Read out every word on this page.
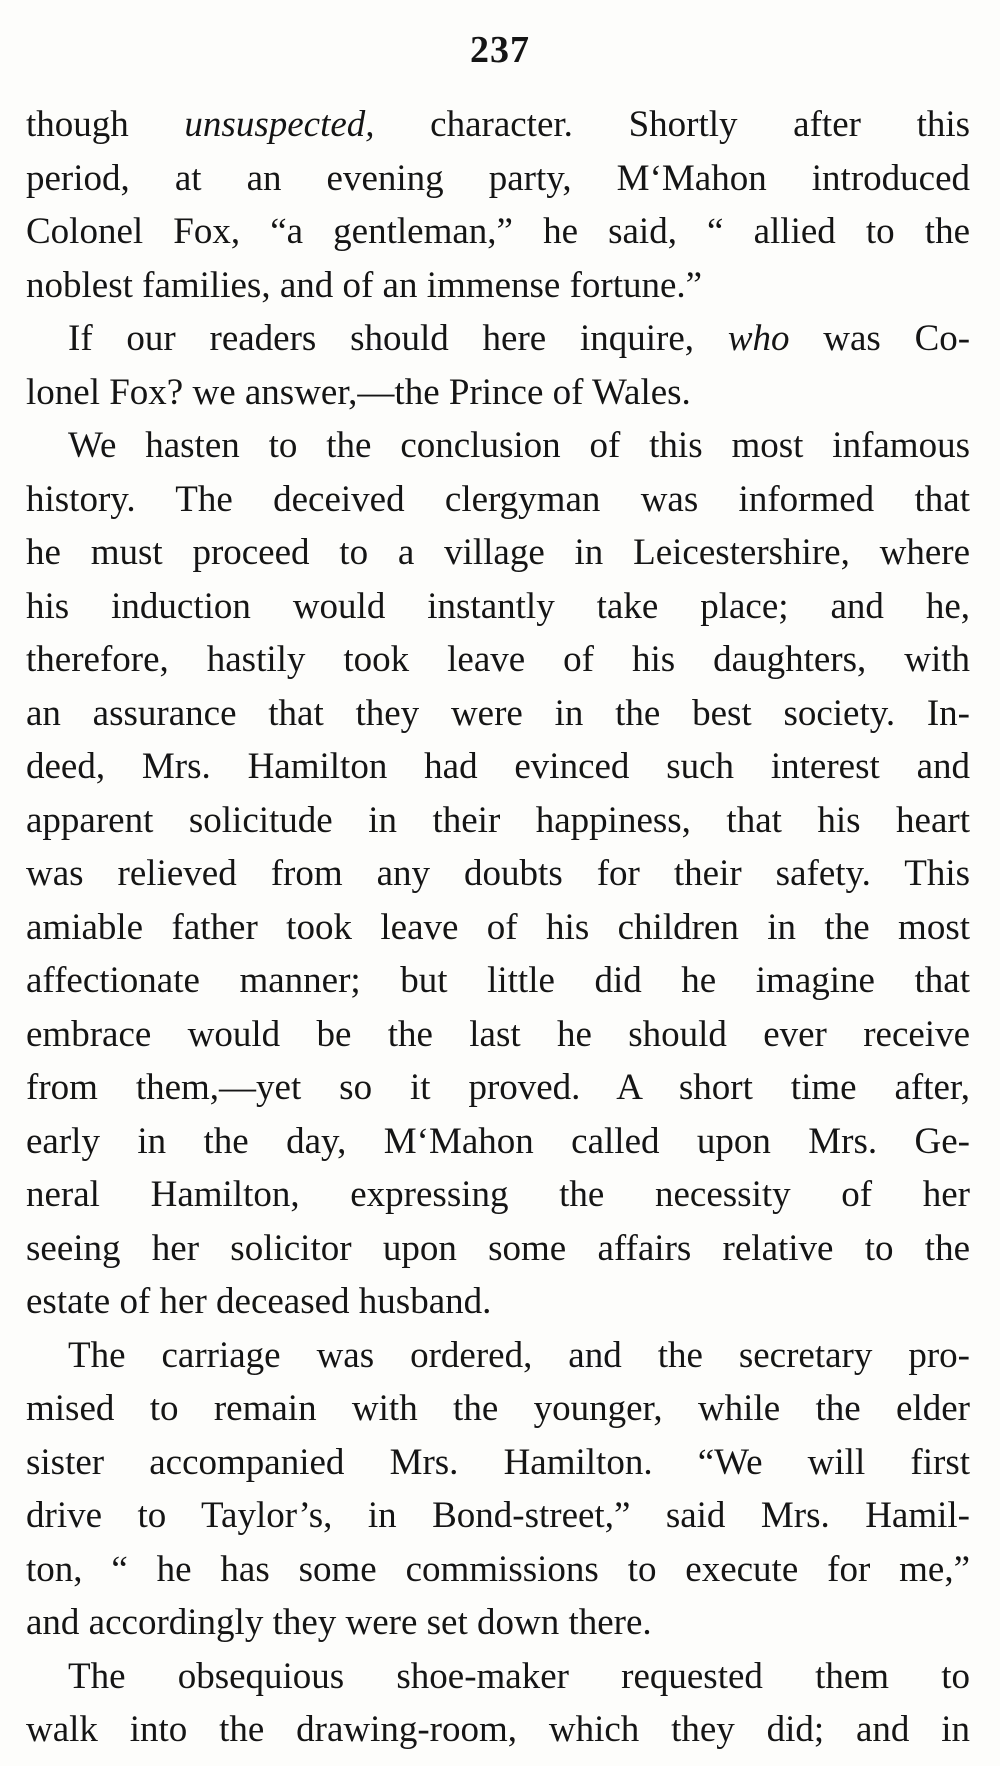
237
though unsuspected, character. Shortly after this
period, at an evening party, M‘Mahon introduced
Colonel Fox, “a gentleman,” he said, “ allied to the
noblest families, and of an immense fortune.”
If our readers should here inquire, who was Co-
lonel Fox? we answer,—the Prince of Wales.
We hasten to the conclusion of this most infamous
history. The deceived clergyman was informed that
he must proceed to a village in Leicestershire, where
his induction would instantly take place; and he,
therefore, hastily took leave of his daughters, with
an assurance that they were in the best society. In-
deed, Mrs. Hamilton had evinced such interest and
apparent solicitude in their happiness, that his heart
was relieved from any doubts for their safety. This
amiable father took leave of his children in the most
affectionate manner; but little did he imagine that
embrace would be the last he should ever receive
from them,—yet so it proved. A short time after,
early in the day, M‘Mahon called upon Mrs. Ge-
neral Hamilton, expressing the necessity of her
seeing her solicitor upon some affairs relative to the
estate of her deceased husband.
The carriage was ordered, and the secretary pro-
mised to remain with the younger, while the elder
sister accompanied Mrs. Hamilton. “We will first
drive to Taylor’s, in Bond-street,” said Mrs. Hamil-
ton, “ he has some commissions to execute for me,”
and accordingly they were set down there.
The obsequious shoe-maker requested them to
walk into the drawing-room, which they did; and in
